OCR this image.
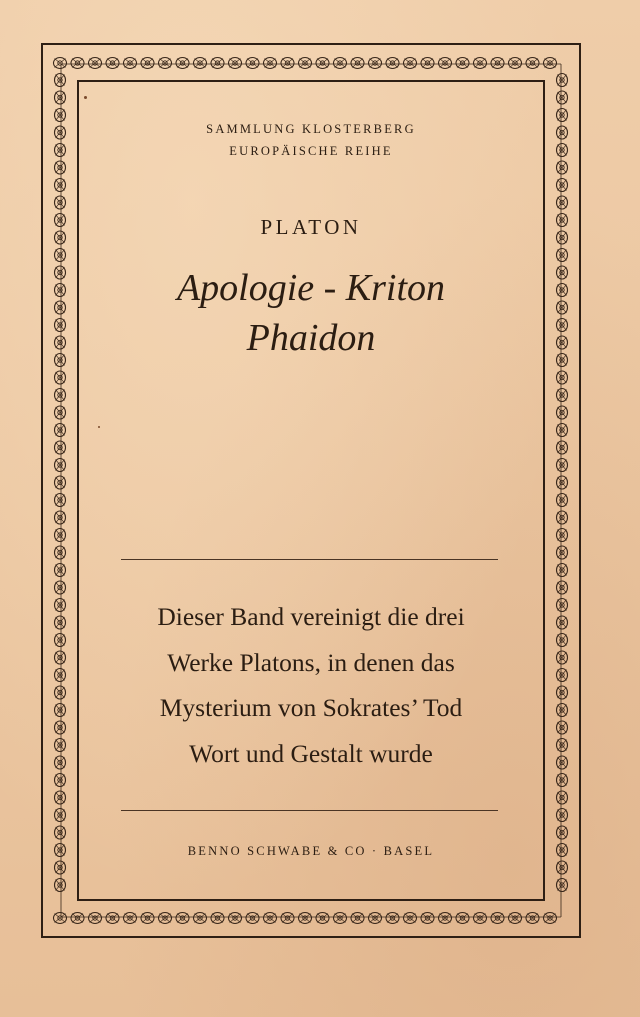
SAMMLUNG KLOSTERBERG
EUROPÄISCHE REIHE
PLATON
Apologie - Kriton
Phaidon
Dieser Band vereinigt die drei
Werke Platons, in denen das
Mysterium von Sokrates’ Tod
Wort und Gestalt wurde
BENNO SCHWABE & CO · BASEL
